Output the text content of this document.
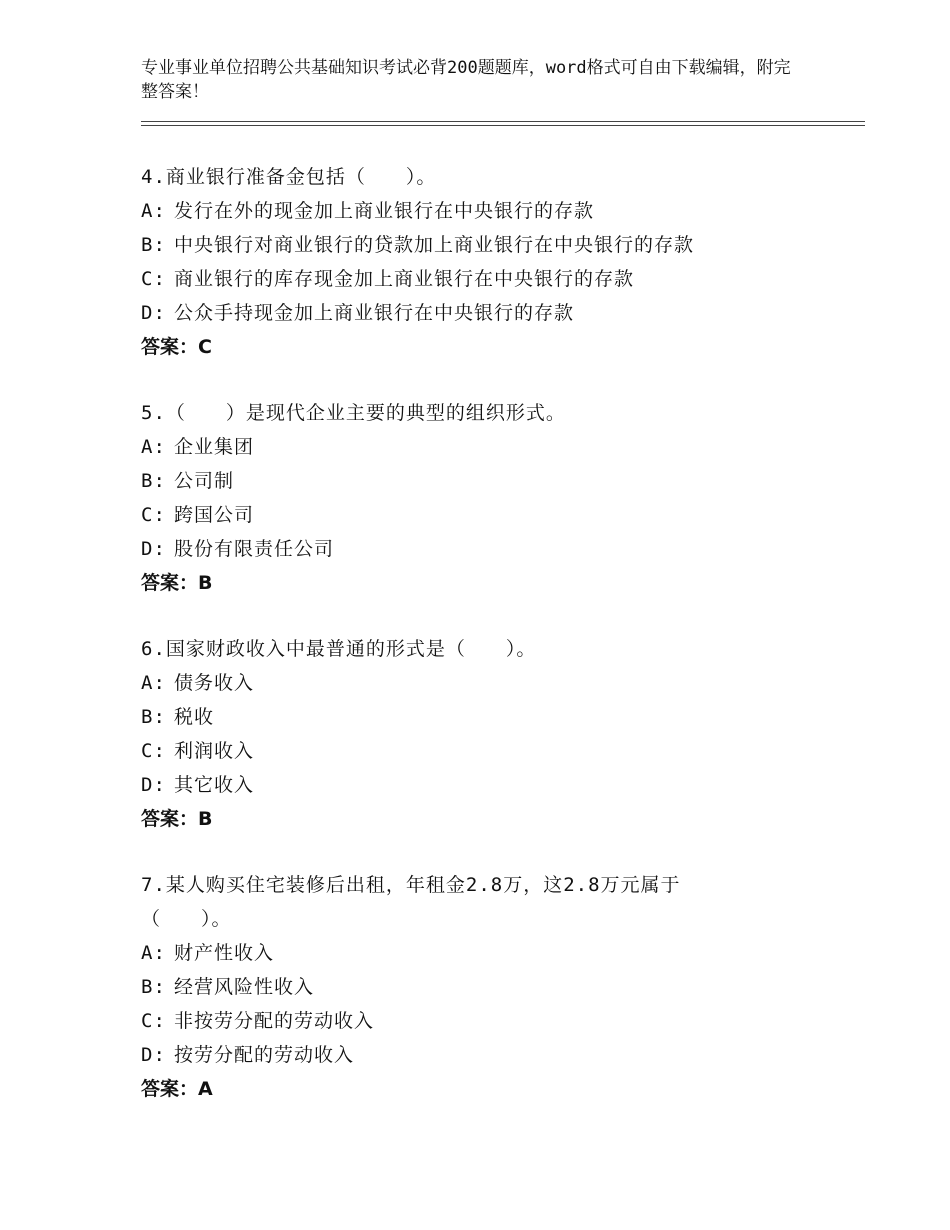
专业事业单位招聘公共基础知识考试必背200题题库，word格式可自由下载编辑，附完整答案！
4.商业银行准备金包括（　　）。
A: 发行在外的现金加上商业银行在中央银行的存款
B: 中央银行对商业银行的贷款加上商业银行在中央银行的存款
C: 商业银行的库存现金加上商业银行在中央银行的存款
D: 公众手持现金加上商业银行在中央银行的存款
答案：C
5.（　　）是现代企业主要的典型的组织形式。
A: 企业集团
B: 公司制
C: 跨国公司
D: 股份有限责任公司
答案：B
6.国家财政收入中最普通的形式是（　　）。
A: 债务收入
B: 税收
C: 利润收入
D: 其它收入
答案：B
7.某人购买住宅装修后出租，年租金2.8万，这2.8万元属于（　　）。
A: 财产性收入
B: 经营风险性收入
C: 非按劳分配的劳动收入
D: 按劳分配的劳动收入
答案：A
